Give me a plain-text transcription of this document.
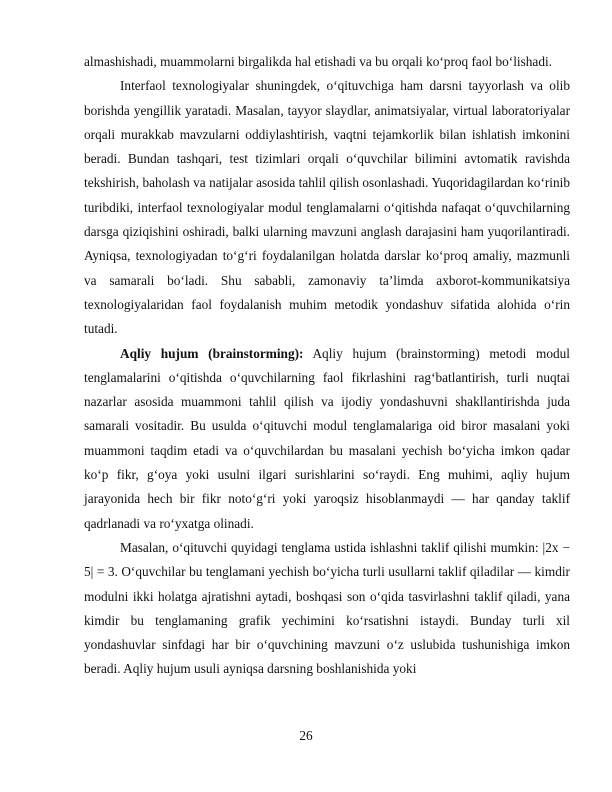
almashishadi, muammolarni birgalikda hal etishadi va bu orqali ko‘proq faol bo‘lishadi.

Interfaol texnologiyalar shuningdek, o‘qituvchiga ham darsni tayyorlash va olib borishda yengillik yaratadi. Masalan, tayyor slaydlar, animatsiyalar, virtual laboratoriyalar orqali murakkab mavzularni oddiylashtirish, vaqtni tejamkorlik bilan ishlatish imkonini beradi. Bundan tashqari, test tizimlari orqali o‘quvchilar bilimini avtomatik ravishda tekshirish, baholash va natijalar asosida tahlil qilish osonlashadi. Yuqoridagilardan ko‘rinib turibdiki, interfaol texnologiyalar modul tenglamalarni o‘qitishda nafaqat o‘quvchilarning darsga qiziqishini oshiradi, balki ularning mavzuni anglash darajasini ham yuqorilantiradi. Ayniqsa, texnologiyadan to‘g‘ri foydalanilgan holatda darslar ko‘proq amaliy, mazmunli va samarali bo‘ladi. Shu sababli, zamonaviy ta’limda axborot-kommunikatsiya texnologiyalaridan faol foydalanish muhim metodik yondashuv sifatida alohida o‘rin tutadi.

Aqliy hujum (brainstorming): Aqliy hujum (brainstorming) metodi modul tenglamalarini o‘qitishda o‘quvchilarning faol fikrlashini rag‘batlantirish, turli nuqtai nazarlar asosida muammoni tahlil qilish va ijodiy yondashuvni shakllantirishda juda samarali vositadir. Bu usulda o‘qituvchi modul tenglamalariga oid biror masalani yoki muammoni taqdim etadi va o‘quvchilardan bu masalani yechish bo‘yicha imkon qadar ko‘p fikr, g‘oya yoki usulni ilgari surishlarini so‘raydi. Eng muhimi, aqliy hujum jarayonida hech bir fikr noto‘g‘ri yoki yaroqsiz hisoblanmaydi — har qanday taklif qadrlanadi va ro‘yxatga olinadi.

Masalan, o‘qituvchi quyidagi tenglama ustida ishlashni taklif qilishi mumkin: |2x − 5| = 3. O‘quvchilar bu tenglamani yechish bo‘yicha turli usullarni taklif qiladilar — kimdir modulni ikki holatga ajratishni aytadi, boshqasi son o‘qida tasvirlashni taklif qiladi, yana kimdir bu tenglamaning grafik yechimini ko‘rsatishni istaydi. Bunday turli xil yondashuvlar sinfdagi har bir o‘quvchining mavzuni o‘z uslubida tushunishiga imkon beradi. Aqliy hujum usuli ayniqsa darsning boshlanishida yoki

26
